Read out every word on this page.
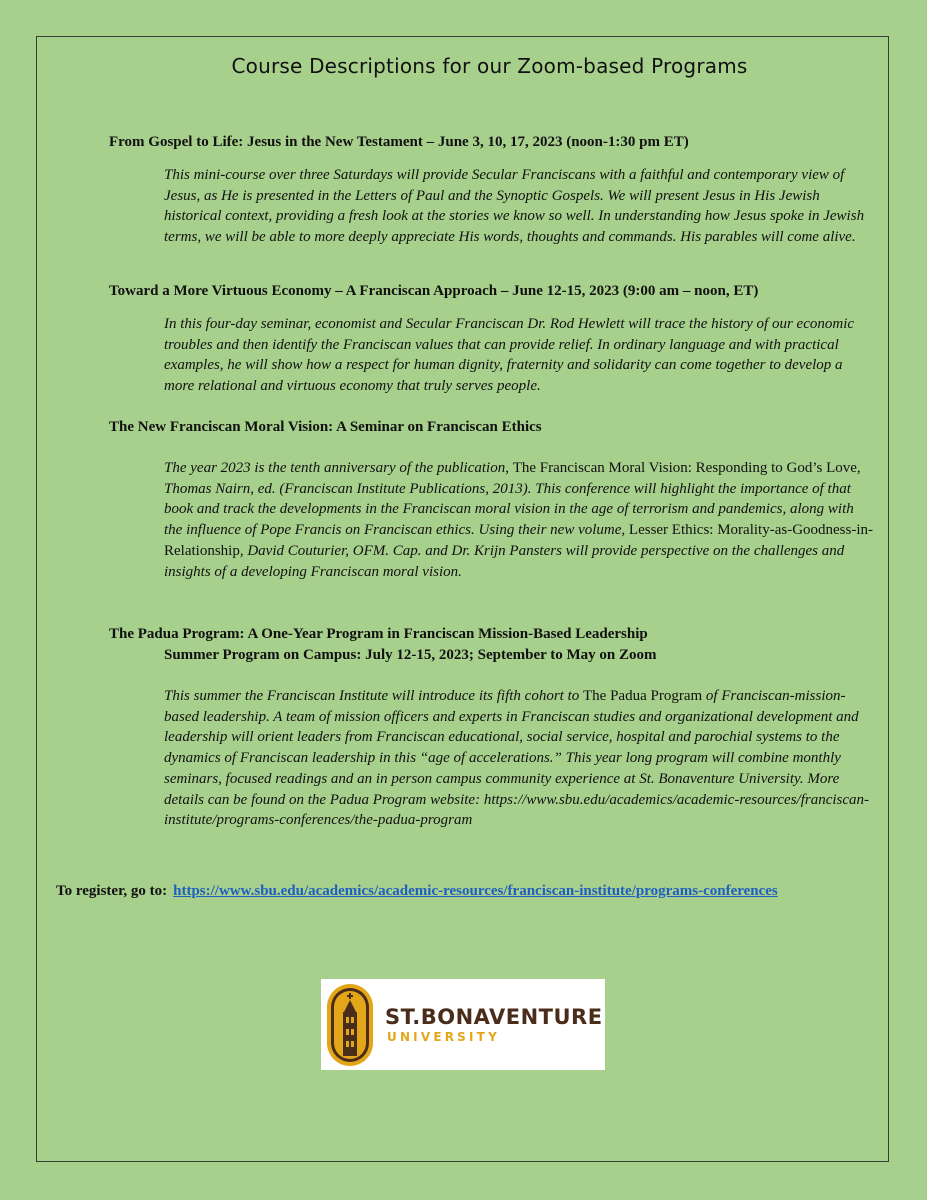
Course Descriptions for our Zoom-based Programs
From Gospel to Life: Jesus in the New Testament – June 3, 10, 17, 2023 (noon-1:30 pm ET)
This mini-course over three Saturdays will provide Secular Franciscans with a faithful and contemporary view of Jesus, as He is presented in the Letters of Paul and the Synoptic Gospels. We will present Jesus in His Jewish historical context, providing a fresh look at the stories we know so well. In understanding how Jesus spoke in Jewish terms, we will be able to more deeply appreciate His words, thoughts and commands. His parables will come alive.
Toward a More Virtuous Economy – A Franciscan Approach – June 12-15, 2023 (9:00 am – noon, ET)
In this four-day seminar, economist and Secular Franciscan Dr. Rod Hewlett will trace the history of our economic troubles and then identify the Franciscan values that can provide relief. In ordinary language and with practical examples, he will show how a respect for human dignity, fraternity and solidarity can come together to develop a more relational and virtuous economy that truly serves people.
The New Franciscan Moral Vision: A Seminar on Franciscan Ethics
The year 2023 is the tenth anniversary of the publication, The Franciscan Moral Vision: Responding to God’s Love, Thomas Nairn, ed. (Franciscan Institute Publications, 2013). This conference will highlight the importance of that book and track the developments in the Franciscan moral vision in the age of terrorism and pandemics, along with the influence of Pope Francis on Franciscan ethics. Using their new volume, Lesser Ethics: Morality-as-Goodness-in-Relationship, David Couturier, OFM. Cap. and Dr. Krijn Pansters will provide perspective on the challenges and insights of a developing Franciscan moral vision.
The Padua Program: A One-Year Program in Franciscan Mission-Based Leadership
Summer Program on Campus: July 12-15, 2023; September to May on Zoom
This summer the Franciscan Institute will introduce its fifth cohort to The Padua Program of Franciscan-mission-based leadership. A team of mission officers and experts in Franciscan studies and organizational development and leadership will orient leaders from Franciscan educational, social service, hospital and parochial systems to the dynamics of Franciscan leadership in this “age of accelerations.” This year long program will combine monthly seminars, focused readings and an in person campus community experience at St. Bonaventure University. More details can be found on the Padua Program website: https://www.sbu.edu/academics/academic-resources/franciscan-institute/programs-conferences/the-padua-program
To register, go to: https://www.sbu.edu/academics/academic-resources/franciscan-institute/programs-conferences
ST.BONAVENTURE
UNIVERSITY
